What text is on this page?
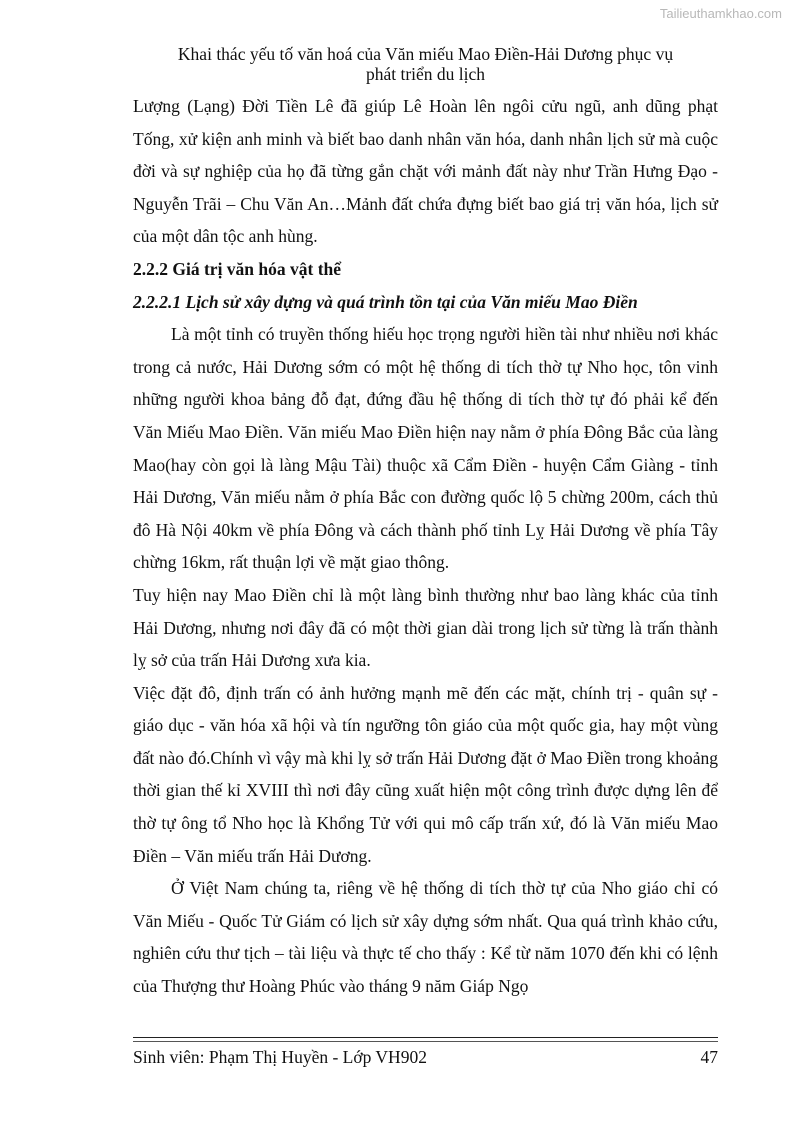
Tailieuthamkhao.com
Khai thác yếu tố văn hoá của Văn miếu Mao Điền-Hải Dương phục vụ
phát triển du lịch

Lượng (Lạng) Đời Tiền Lê đã giúp Lê Hoàn lên ngôi cửu ngũ, anh dũng phạt Tống, xử kiện anh minh và biết bao danh nhân văn hóa, danh nhân lịch sử mà cuộc đời và sự nghiệp của họ đã từng gắn chặt với mảnh đất này như Trần Hưng Đạo - Nguyễn Trãi – Chu Văn An…Mảnh đất chứa đựng biết bao giá trị văn hóa, lịch sử của một dân tộc anh hùng.

2.2.2 Giá trị văn hóa vật thể
2.2.2.1 Lịch sử xây dựng và quá trình tồn tại của Văn miếu Mao Điền

Là một tỉnh có truyền thống hiếu học trọng người hiền tài như nhiều nơi khác trong cả nước, Hải Dương sớm có một hệ thống di tích thờ tự Nho học, tôn vinh những người khoa bảng đỗ đạt, đứng đầu hệ thống di tích thờ tự đó phải kể đến Văn Miếu Mao Điền. Văn miếu Mao Điền hiện nay nằm ở phía Đông Bắc của làng Mao(hay còn gọi là làng Mậu Tài) thuộc xã Cẩm Điền - huyện Cẩm Giàng - tỉnh Hải Dương, Văn miếu nằm ở phía Bắc con đường quốc lộ 5 chừng 200m, cách thủ đô Hà Nội 40km về phía Đông và cách thành phố tỉnh Lỵ Hải Dương về phía Tây chừng 16km, rất thuận lợi về mặt giao thông.

Tuy hiện nay Mao Điền chỉ là một làng bình thường như bao làng khác của tỉnh Hải Dương, nhưng nơi đây đã có một thời gian dài trong lịch sử từng là trấn thành lỵ sở của trấn Hải Dương xưa kia.

Việc đặt đô, định trấn có ảnh hưởng mạnh mẽ đến các mặt, chính trị - quân sự - giáo dục - văn hóa xã hội và tín ngưỡng tôn giáo của một quốc gia, hay một vùng đất nào đó.Chính vì vậy mà khi lỵ sở trấn Hải Dương đặt ở Mao Điền trong khoảng thời gian thế kỉ XVIII thì nơi đây cũng xuất hiện một công trình được dựng lên để thờ tự ông tổ Nho học là Khổng Tử với qui mô cấp trấn xứ, đó là Văn miếu Mao Điền – Văn miếu trấn Hải Dương.

Ở Việt Nam chúng ta, riêng về hệ thống di tích thờ tự của Nho giáo chỉ có Văn Miếu - Quốc Tử Giám có lịch sử xây dựng sớm nhất. Qua quá trình khảo cứu, nghiên cứu thư tịch – tài liệu và thực tế cho thấy : Kể từ năm 1070 đến khi có lệnh của Thượng thư Hoàng Phúc vào tháng 9 năm Giáp Ngọ

Sinh viên: Phạm Thị Huyền - Lớp VH902	47
